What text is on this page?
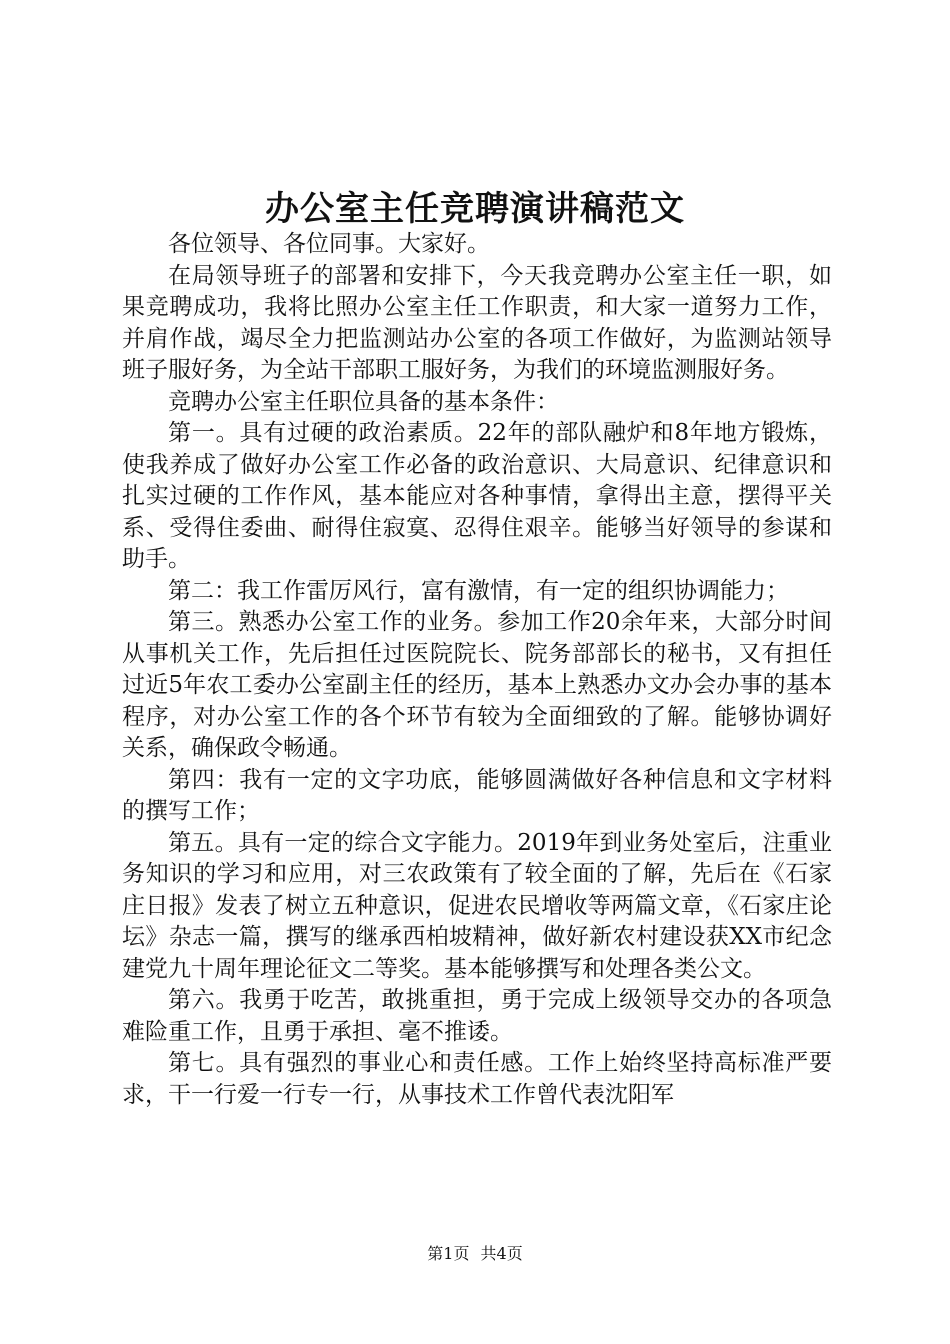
办公室主任竞聘演讲稿范文

各位领导、各位同事。大家好。

在局领导班子的部署和安排下，今天我竞聘办公室主任一职，如果竞聘成功，我将比照办公室主任工作职责，和大家一道努力工作，并肩作战，竭尽全力把监测站办公室的各项工作做好，为监测站领导班子服好务，为全站干部职工服好务，为我们的环境监测服好务。

竞聘办公室主任职位具备的基本条件：

第一。具有过硬的政治素质。22年的部队融炉和8年地方锻炼，使我养成了做好办公室工作必备的政治意识、大局意识、纪律意识和扎实过硬的工作作风，基本能应对各种事情，拿得出主意，摆得平关系、受得住委曲、耐得住寂寞、忍得住艰辛。能够当好领导的参谋和助手。

第二：我工作雷厉风行，富有激情，有一定的组织协调能力；

第三。熟悉办公室工作的业务。参加工作20余年来，大部分时间从事机关工作，先后担任过医院院长、院务部部长的秘书，又有担任过近5年农工委办公室副主任的经历，基本上熟悉办文办会办事的基本程序，对办公室工作的各个环节有较为全面细致的了解。能够协调好关系，确保政令畅通。

第四：我有一定的文字功底，能够圆满做好各种信息和文字材料的撰写工作；

第五。具有一定的综合文字能力。2019年到业务处室后，注重业务知识的学习和应用，对三农政策有了较全面的了解，先后在《石家庄日报》发表了树立五种意识，促进农民增收等两篇文章，《石家庄论坛》杂志一篇，撰写的继承西柏坡精神，做好新农村建设获XX市纪念建党九十周年理论征文二等奖。基本能够撰写和处理各类公文。

第六。我勇于吃苦，敢挑重担，勇于完成上级领导交办的各项急难险重工作，且勇于承担、毫不推诿。

第七。具有强烈的事业心和责任感。工作上始终坚持高标准严要求，干一行爱一行专一行，从事技术工作曾代表沈阳军

第1页 共4页
